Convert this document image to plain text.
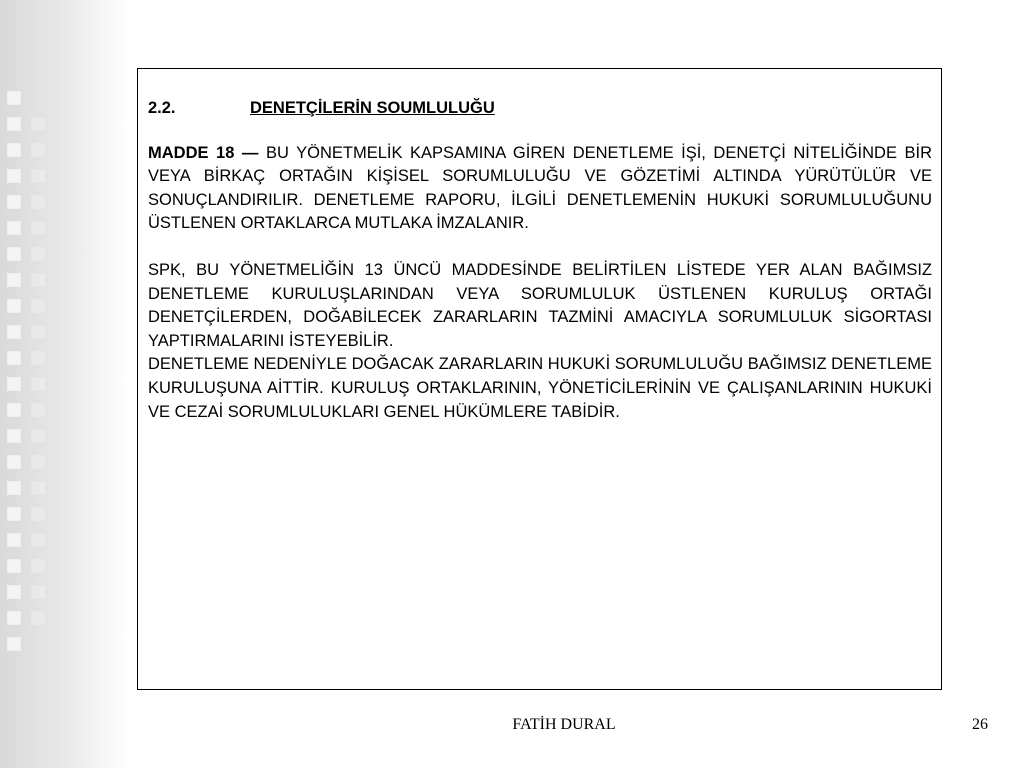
2.2.	DENETÇİLERİN SOUMLULUĞU

MADDE 18 — BU YÖNETMELİK KAPSAMINA GİREN DENETLEME İŞİ, DENETÇİ NİTELİĞİNDE BİR VEYA BİRKAÇ ORTAĞIN KİŞİSEL SORUMLULUĞU VE GÖZETİMİ ALTINDA YÜRÜTÜLÜR VE SONUÇLANDIRILIR. DENETLEME RAPORU, İLGİLİ DENETLEMENİN HUKUKİ SORUMLULUĞUNU ÜSTLENEN ORTAKLARCA MUTLAKA İMZALANIR.

SPK, BU YÖNETMELİĞİN 13 ÜNCÜ MADDESİNDE BELİRTİLEN LİSTEDE YER ALAN BAĞIMSIZ DENETLEME KURULUŞLARINDAN VEYA SORUMLULUK ÜSTLENEN KURULUŞ ORTAĞI DENETÇİLERDEN, DOĞABİLECEK ZARARLARIN TAZMİNİ AMACIYLA SORUMLULUK SİGORTASI YAPTIRMALARINI İSTEYEBİLİR.

DENETLEME NEDENİYLE DOĞACAK ZARARLARIN HUKUKİ SORUMLULUĞU BAĞIMSIZ DENETLEME KURULUŞUNA AİTTİR. KURULUŞ ORTAKLARININ, YÖNETİCİLERİNİN VE ÇALIŞANLARININ HUKUKİ VE CEZAİ SORUMLULUKLARI GENEL HÜKÜMLERE TABİDİR.

FATİH DURAL	26
